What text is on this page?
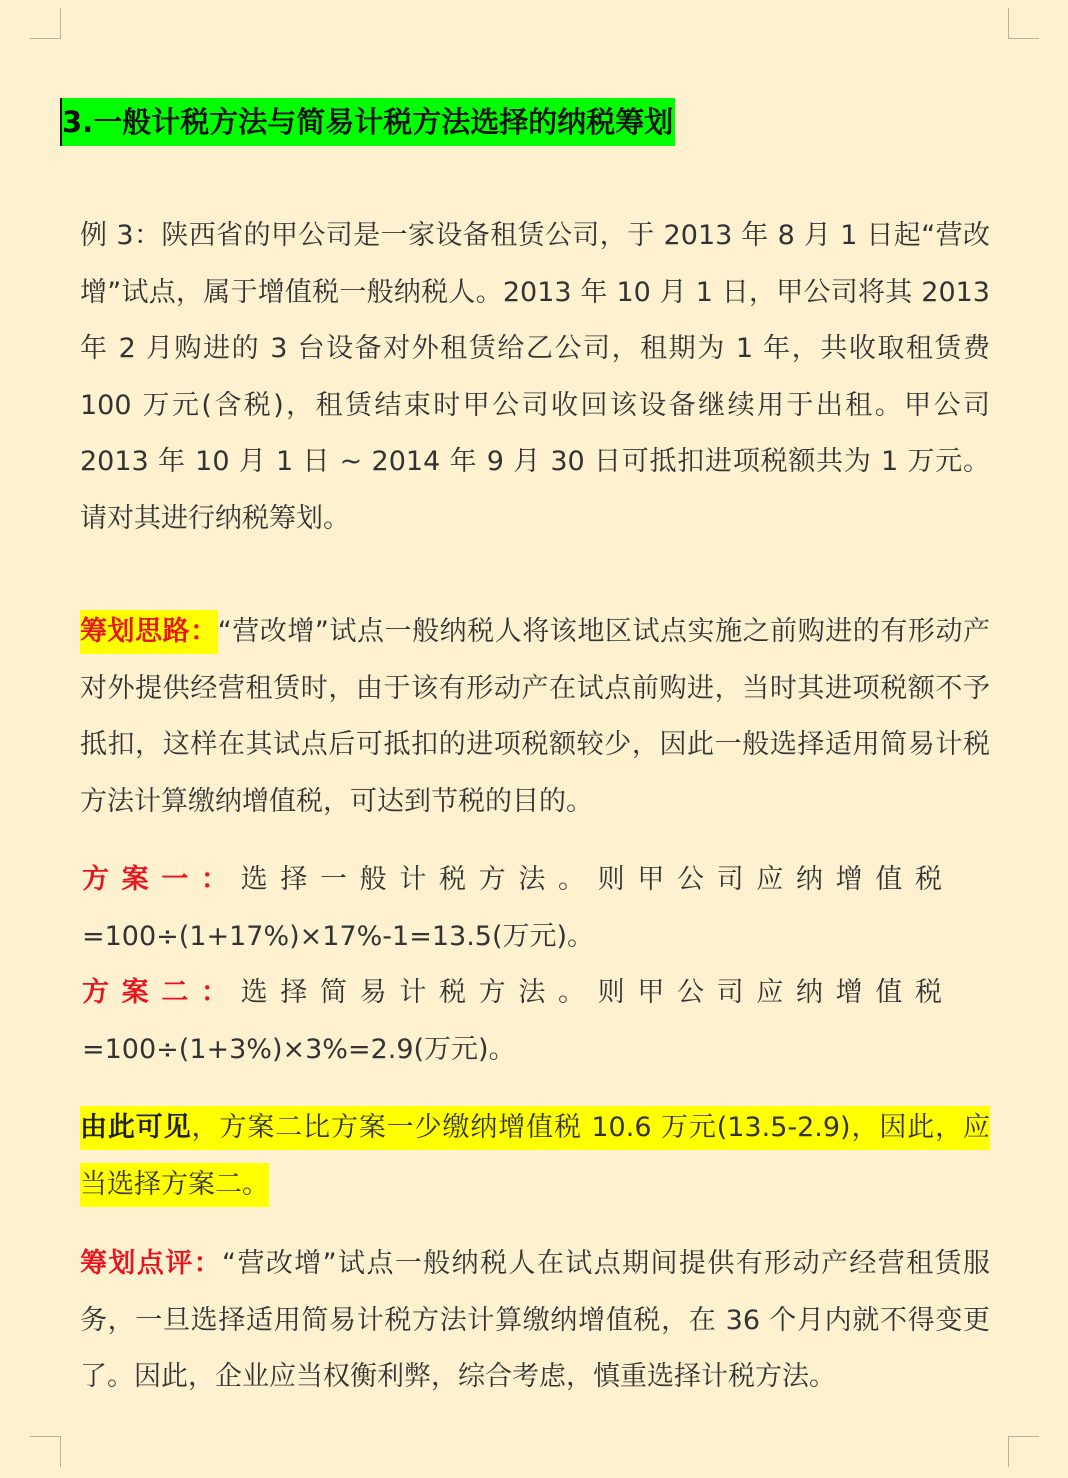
3.一般计税方法与简易计税方法选择的纳税筹划
例 3：陕西省的甲公司是一家设备租赁公司，于 2013 年 8 月 1 日起“营改增”试点，属于增值税一般纳税人。2013 年 10 月 1 日，甲公司将其 2013 年 2 月购进的 3 台设备对外租赁给乙公司，租期为 1 年，共收取租赁费 100 万元(含税)，租赁结束时甲公司收回该设备继续用于出租。甲公司 2013 年 10 月 1 日 ~ 2014 年 9 月 30 日可抵扣进项税额共为 1 万元。请对其进行纳税筹划。
筹划思路：“营改增”试点一般纳税人将该地区试点实施之前购进的有形动产对外提供经营租赁时，由于该有形动产在试点前购进，当时其进项税额不予抵扣，这样在其试点后可抵扣的进项税额较少，因此一般选择适用简易计税方法计算缴纳增值税，可达到节税的目的。
方案一：选择一般计税方法。则甲公司应纳增值税=100÷(1+17%)×17%-1=13.5(万元)。
方案二：选择简易计税方法。则甲公司应纳增值税=100÷(1+3%)×3%=2.9(万元)。
由此可见，方案二比方案一少缴纳增值税 10.6 万元(13.5-2.9)，因此，应当选择方案二。
筹划点评：“营改增”试点一般纳税人在试点期间提供有形动产经营租赁服务，一旦选择适用简易计税方法计算缴纳增值税，在 36 个月内就不得变更了。因此，企业应当权衡利弊，综合考虑，慎重选择计税方法。
